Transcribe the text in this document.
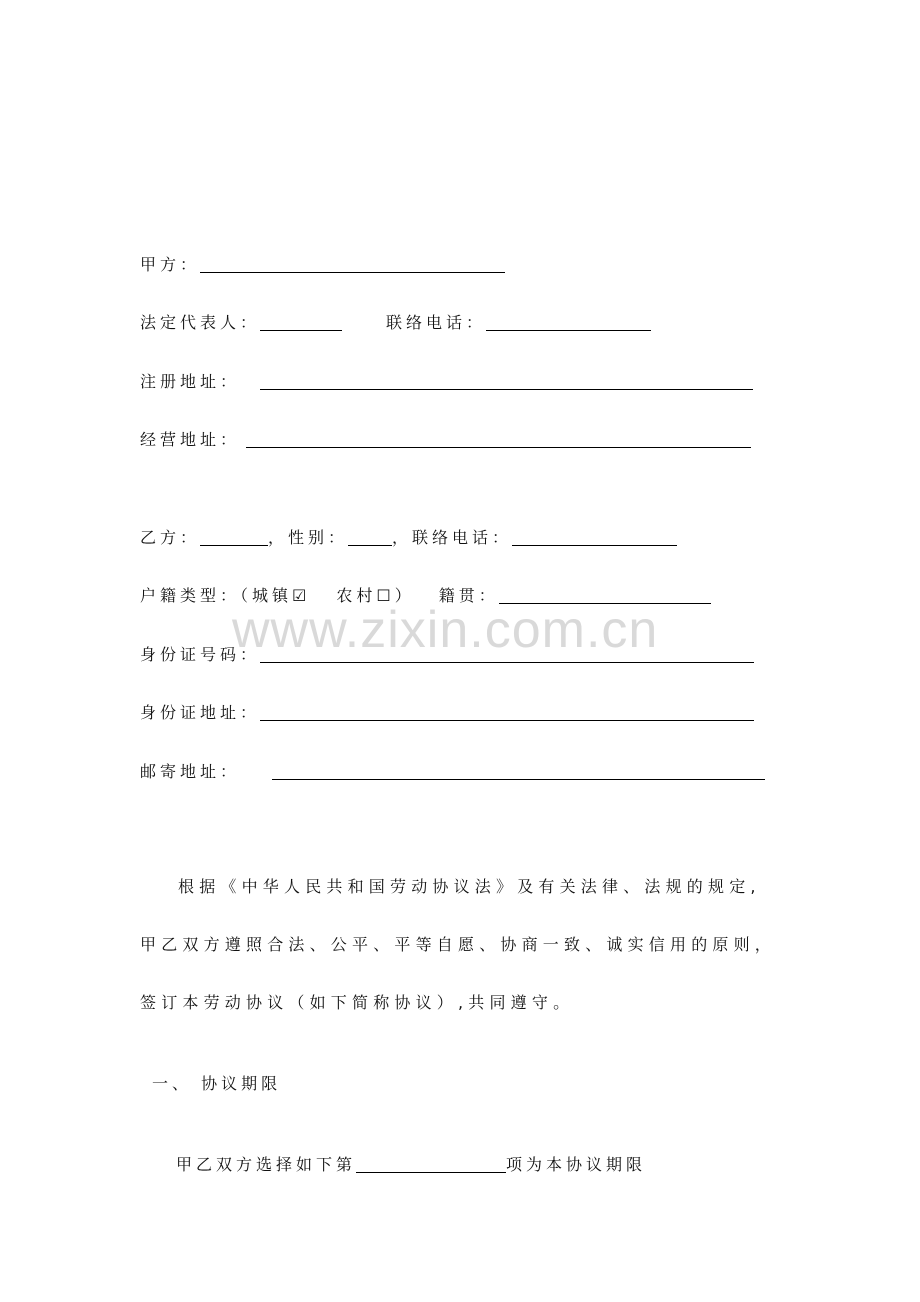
甲方：
法定代表人：	联络电话：
注册地址：
经营地址：
乙方：	，性别：	，联络电话：
户籍类型：（城镇☑ 农村☐） 籍贯：
身份证号码：
身份证地址：
邮寄地址：
根据《中华人民共和国劳动协议法》及有关法律、法规的规定,甲乙双方遵照合法、公平、平等自愿、协商一致、诚实信用的原则，签订本劳动协议（如下简称协议）,共同遵守。
一、 协议期限
甲乙双方选择如下第	项为本协议期限
www.zixin.com.cn
